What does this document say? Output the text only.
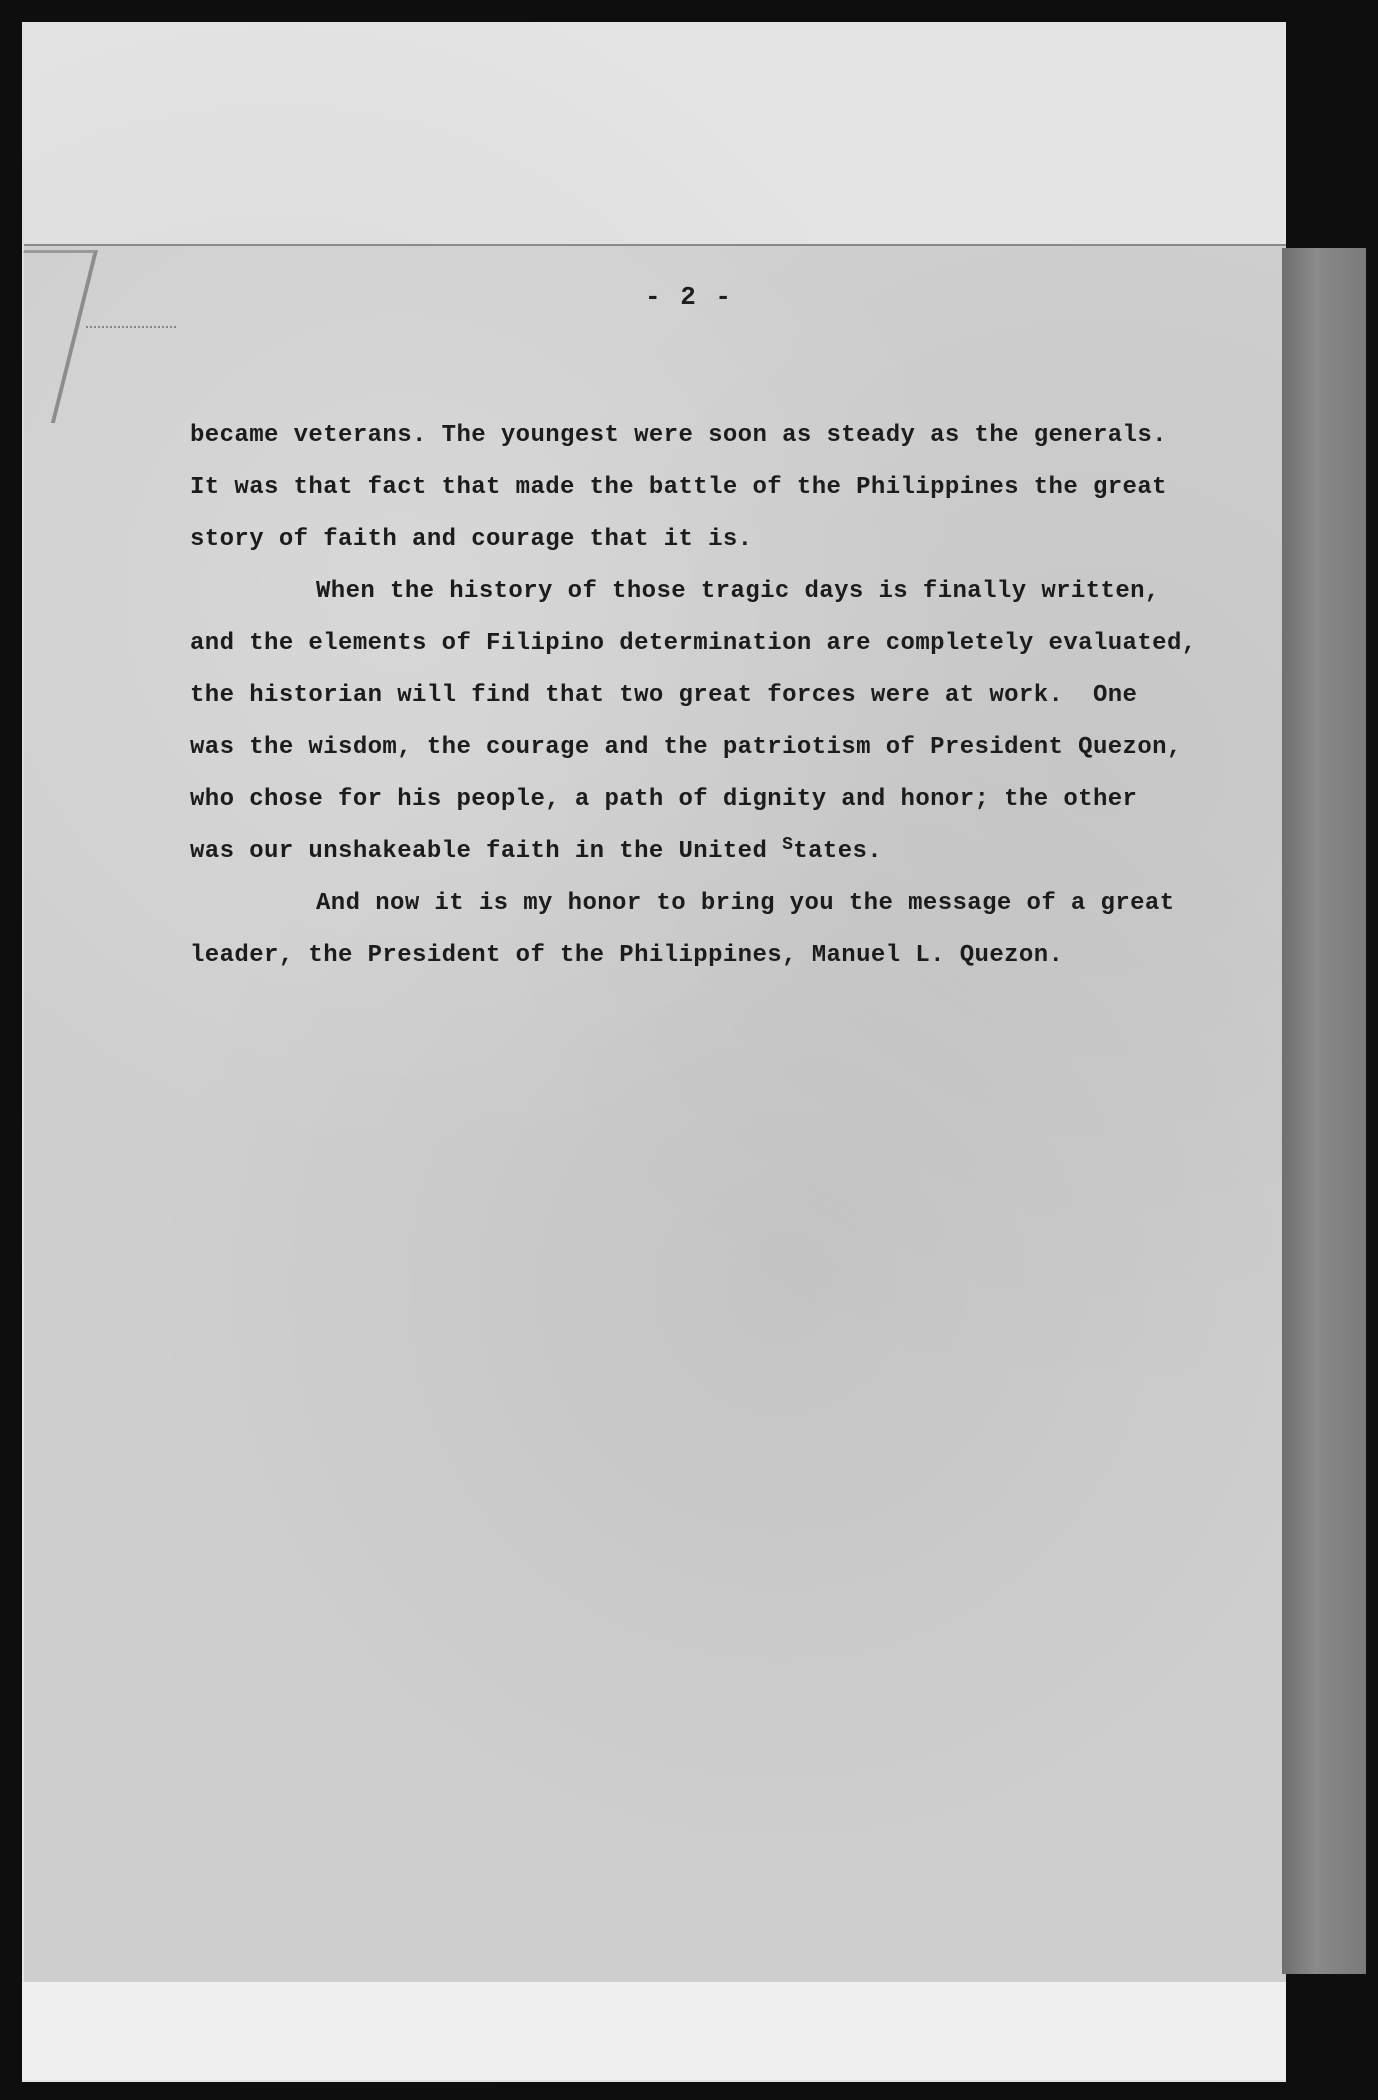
- 2 -
became veterans. The youngest were soon as steady as the generals.
It was that fact that made the battle of the Philippines the great
story of faith and courage that it is.
When the history of those tragic days is finally written,
and the elements of Filipino determination are completely evaluated,
the historian will find that two great forces were at work.  One
was the wisdom, the courage and the patriotism of President Quezon,
who chose for his people, a path of dignity and honor; the other
was our unshakeable faith in the United $^S$tates.
And now it is my honor to bring you the message of a great
leader, the President of the Philippines, Manuel L. Quezon.
